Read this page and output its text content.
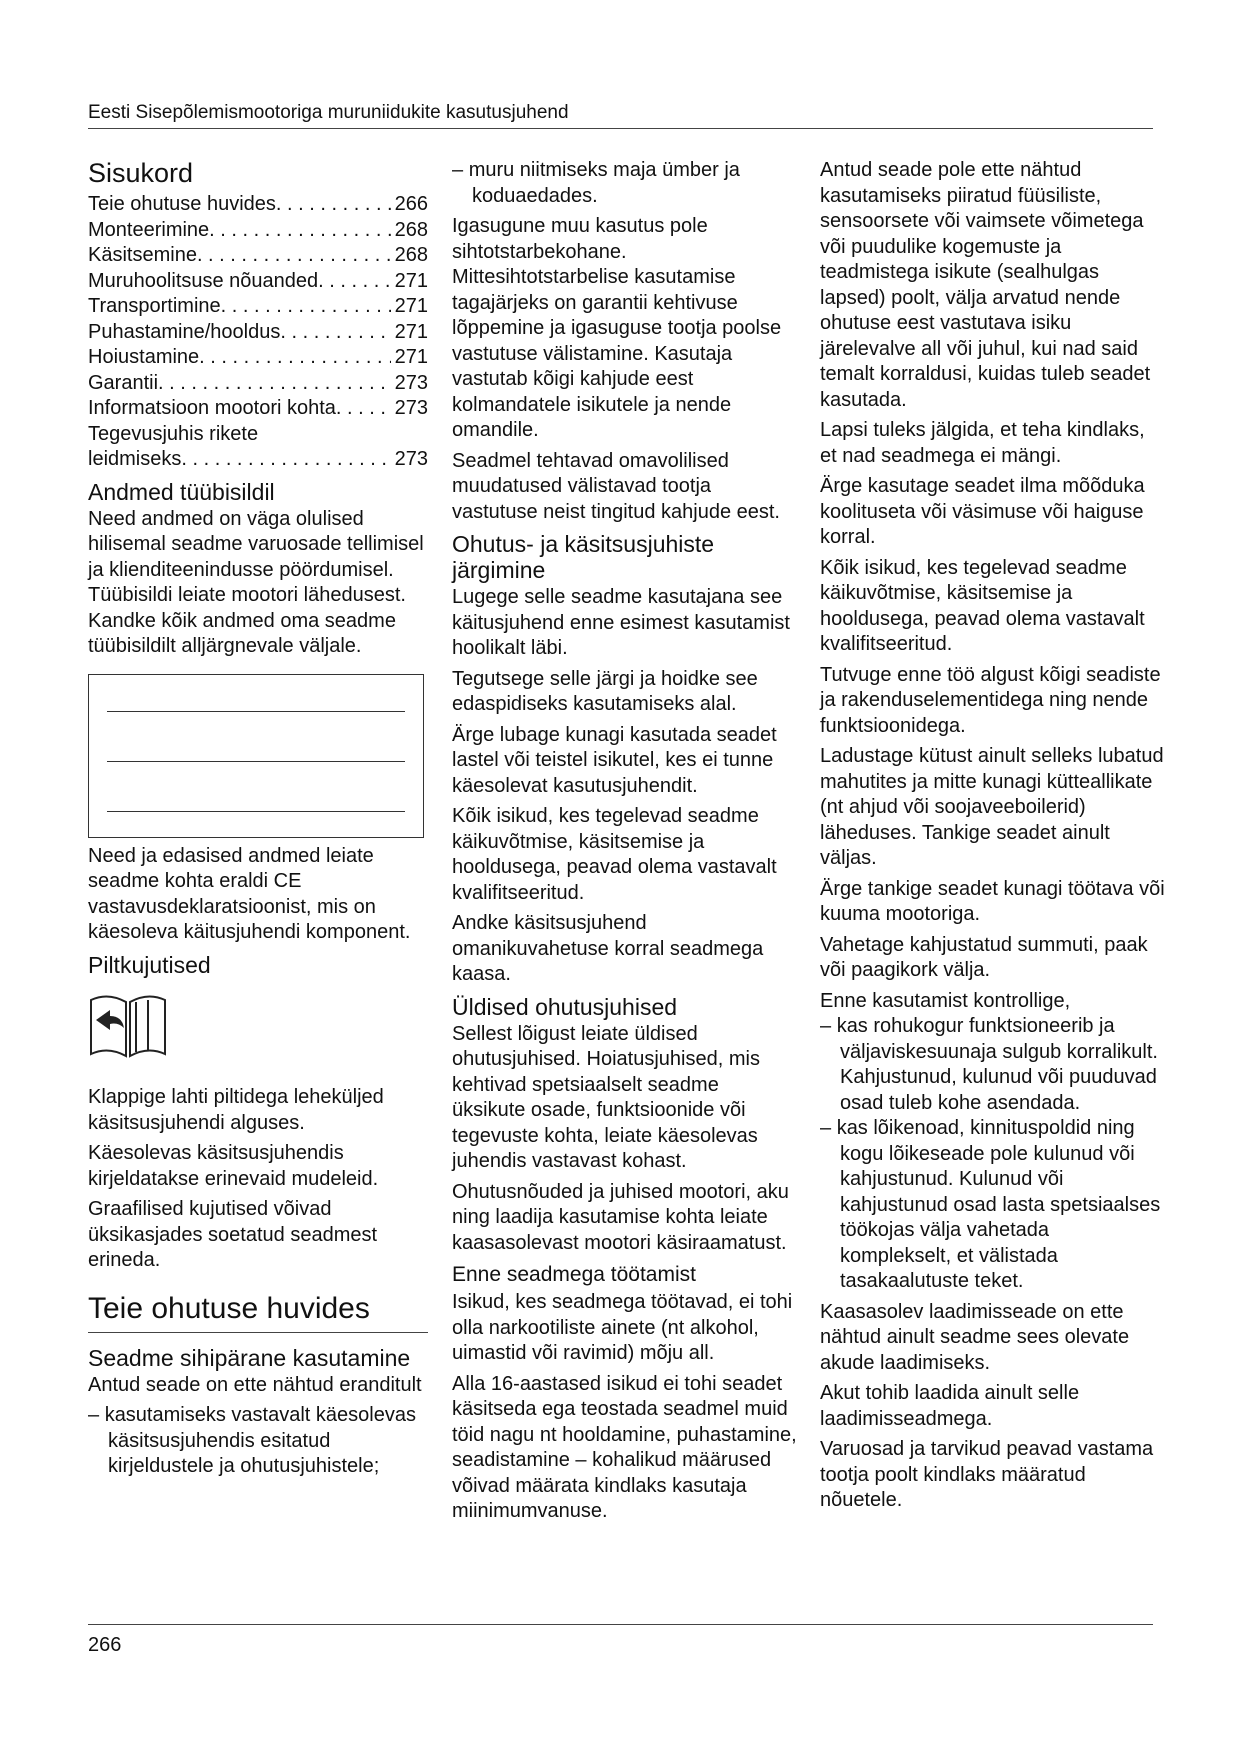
Eesti Sisepõlemismootoriga muruniidukite kasutusjuhend
Sisukord
Teie ohutuse huvides . . .	266
Monteerimine . . .	268
Käsitsemine . . .	268
Muruhoolitsuse nõuanded . . .	271
Transportimine . . .	271
Puhastamine/hooldus . . .	271
Hoiustamine . . .	271
Garantii . . .	273
Informatsioon mootori kohta . . .	273
Tegevusjuhis rikete
leidmiseks . . .	273
Andmed tüübisildil

Need andmed on väga olulised hilisemal seadme varuosade tellimisel ja klienditeenindusse pöördumisel. Tüübisildi leiate mootori lähedusest. Kandke kõik andmed oma seadme tüübisildilt alljärgnevale väljale.

Need ja edasised andmed leiate seadme kohta eraldi CE vastavusdeklaratsioonist, mis on käesoleva käitusjuhendi komponent.

Piltkujutised

Klappige lahti piltidega leheküljed käsitsusjuhendi alguses.

Käesolevas käsitsusjuhendis kirjeldatakse erinevaid mudeleid.

Graafilised kujutised võivad üksikasjades soetatud seadmest erineda.

Teie ohutuse huvides
Seadme sihipärane kasutamine

Antud seade on ette nähtud eranditult

– kasutamiseks vastavalt käesolevas käsitsusjuhendis esitatud kirjeldustele ja ohutusjuhistele;
– muru niitmiseks maja ümber ja koduaedades.

Igasugune muu kasutus pole sihtotstarbekohane. Mittesihtotstarbelise kasutamise tagajärjeks on garantii kehtivuse lõppemine ja igasuguse tootja poolse vastutuse välistamine. Kasutaja vastutab kõigi kahjude eest kolmandatele isikutele ja nende omandile.

Seadmel tehtavad omavolilised muudatused välistavad tootja vastutuse neist tingitud kahjude eest.

Ohutus- ja käsitsusjuhiste järgimine

Lugege selle seadme kasutajana see käitusjuhend enne esimest kasutamist hoolikalt läbi.

Tegutsege selle järgi ja hoidke see edaspidiseks kasutamiseks alal.

Ärge lubage kunagi kasutada seadet lastel või teistel isikutel, kes ei tunne käesolevat kasutusjuhendit.

Kõik isikud, kes tegelevad seadme käikuvõtmise, käsitsemise ja hooldusega, peavad olema vastavalt kvalifitseeritud.

Andke käsitsusjuhend omanikuvahetuse korral seadmega kaasa.

Üldised ohutusjuhised

Sellest lõigust leiate üldised ohutusjuhised. Hoiatusjuhised, mis kehtivad spetsiaalselt seadme üksikute osade, funktsioonide või tegevuste kohta, leiate käesolevas juhendis vastavast kohast.

Ohutusnõuded ja juhised mootori, aku ning laadija kasutamise kohta leiate kaasasolevast mootori käsiraamatust.

Enne seadmega töötamist

Isikud, kes seadmega töötavad, ei tohi olla narkootiliste ainete (nt alkohol, uimastid või ravimid) mõju all.

Alla 16-aastased isikud ei tohi seadet käsitseda ega teostada seadmel muid töid nagu nt hooldamine, puhastamine, seadistamine – kohalikud määrused võivad määrata kindlaks kasutaja miinimumvanuse.

Antud seade pole ette nähtud kasutamiseks piiratud füüsiliste, sensoorsete või vaimsete võimetega või puudulike kogemuste ja teadmistega isikute (sealhulgas lapsed) poolt, välja arvatud nende ohutuse eest vastutava isiku järelevalve all või juhul, kui nad said temalt korraldusi, kuidas tuleb seadet kasutada.

Lapsi tuleks jälgida, et teha kindlaks, et nad seadmega ei mängi.

Ärge kasutage seadet ilma mõõduka koolituseta või väsimuse või haiguse korral.

Kõik isikud, kes tegelevad seadme käikuvõtmise, käsitsemise ja hooldusega, peavad olema vastavalt kvalifitseeritud.

Tutvuge enne töö algust kõigi seadiste ja rakenduselementidega ning nende funktsioonidega.

Ladustage kütust ainult selleks lubatud mahutites ja mitte kunagi kütteallikate (nt ahjud või soojaveeboilerid) läheduses. Tankige seadet ainult väljas.

Ärge tankige seadet kunagi töötava või kuuma mootoriga.

Vahetage kahjustatud summuti, paak või paagikork välja.

Enne kasutamist kontrollige,

– kas rohukogur funktsioneerib ja väljaviskesuunaja sulgub korralikult. Kahjustunud, kulunud või puuduvad osad tuleb kohe asendada.
– kas lõikenoad, kinnituspoldid ning kogu lõikeseade pole kulunud või kahjustunud. Kulunud või kahjustunud osad lasta spetsiaalses töökojas välja vahetada komplekselt, et välistada tasakaalutuste teket.

Kaasasolev laadimisseade on ette nähtud ainult seadme sees olevate akude laadimiseks.

Akut tohib laadida ainult selle laadimisseadmega.

Varuosad ja tarvikud peavad vastama tootja poolt kindlaks määratud nõuetele.

266
